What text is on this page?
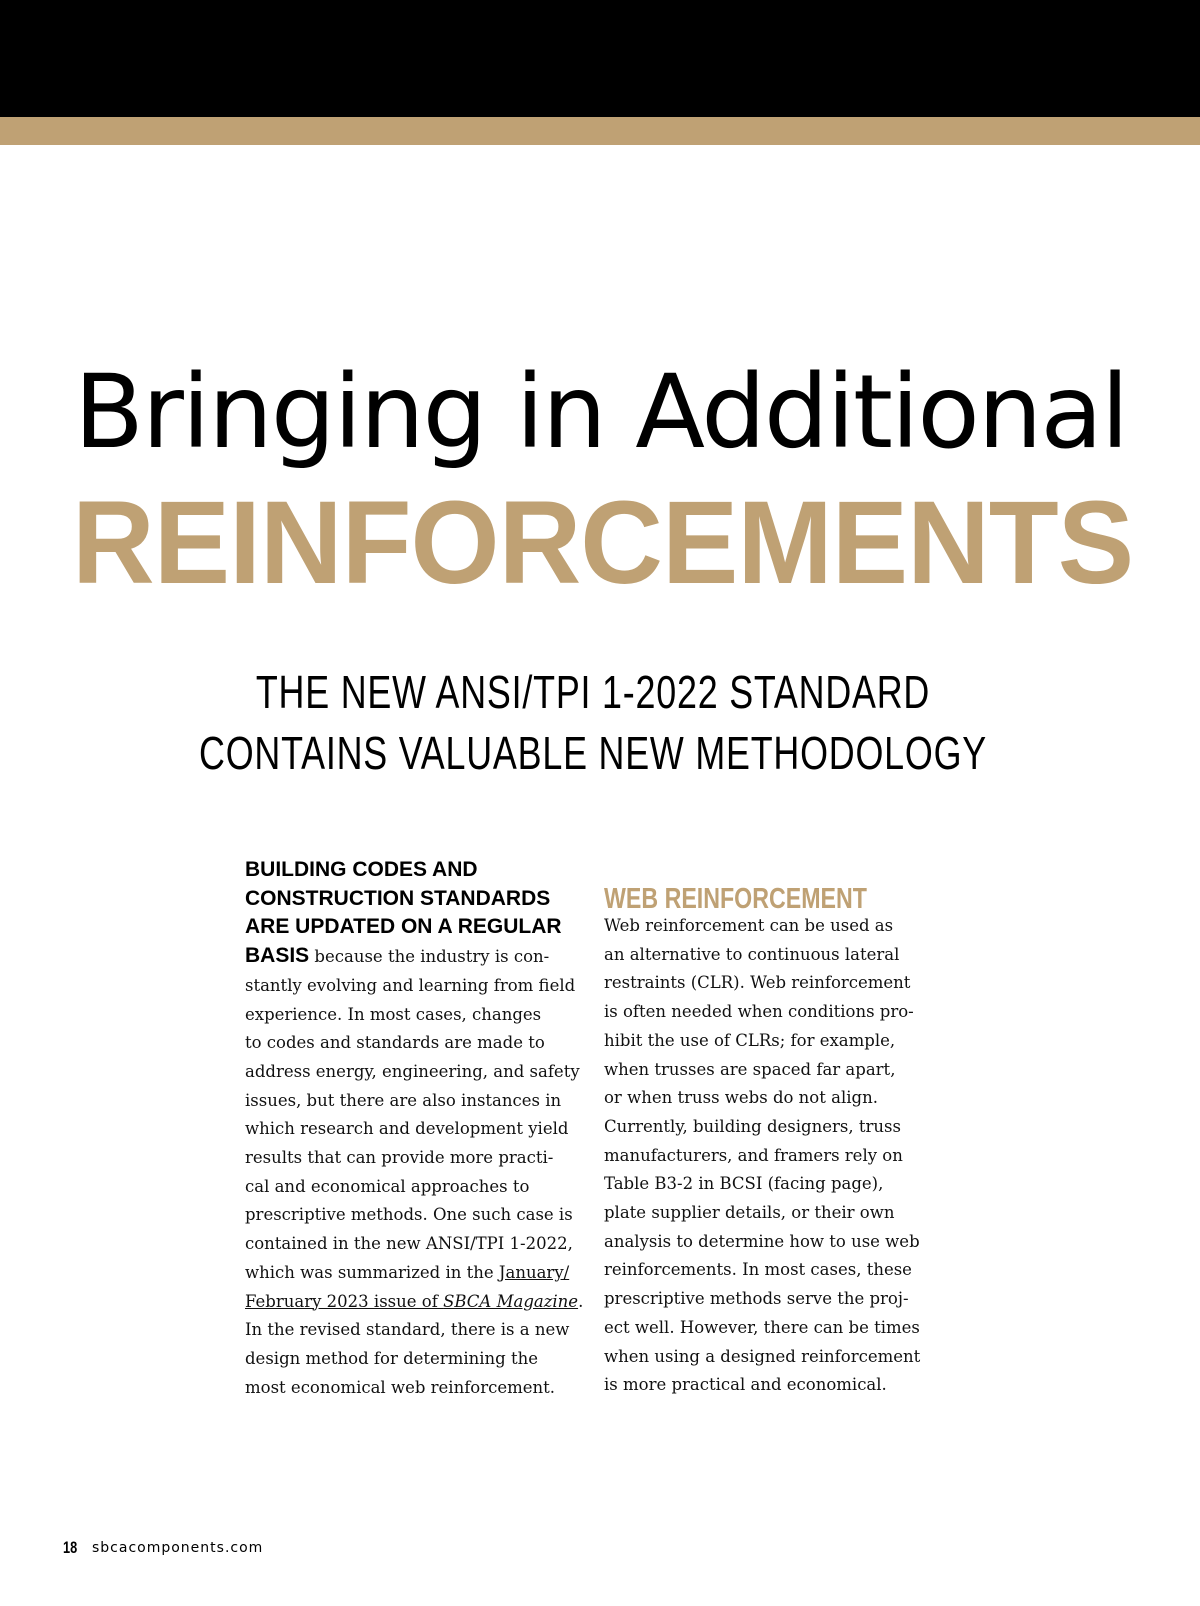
Bringing in Additional
REINFORCEMENTS
THE NEW ANSI/TPI 1-2022 STANDARD
CONTAINS VALUABLE NEW METHODOLOGY
BUILDING CODES AND
CONSTRUCTION STANDARDS
ARE UPDATED ON A REGULAR
BASIS because the industry is con-
stantly evolving and learning from field
experience. In most cases, changes
to codes and standards are made to
address energy, engineering, and safety
issues, but there are also instances in
which research and development yield
results that can provide more practi-
cal and economical approaches to
prescriptive methods. One such case is
contained in the new ANSI/TPI 1-2022,
which was summarized in the January/
February 2023 issue of SBCA Magazine.
In the revised standard, there is a new
design method for determining the
most economical web reinforcement.
WEB REINFORCEMENT
Web reinforcement can be used as
an alternative to continuous lateral
restraints (CLR). Web reinforcement
is often needed when conditions pro-
hibit the use of CLRs; for example,
when trusses are spaced far apart,
or when truss webs do not align.
Currently, building designers, truss
manufacturers, and framers rely on
Table B3-2 in BCSI (facing page),
plate supplier details, or their own
analysis to determine how to use web
reinforcements. In most cases, these
prescriptive methods serve the proj-
ect well. However, there can be times
when using a designed reinforcement
is more practical and economical.
18 sbcacomponents.com
